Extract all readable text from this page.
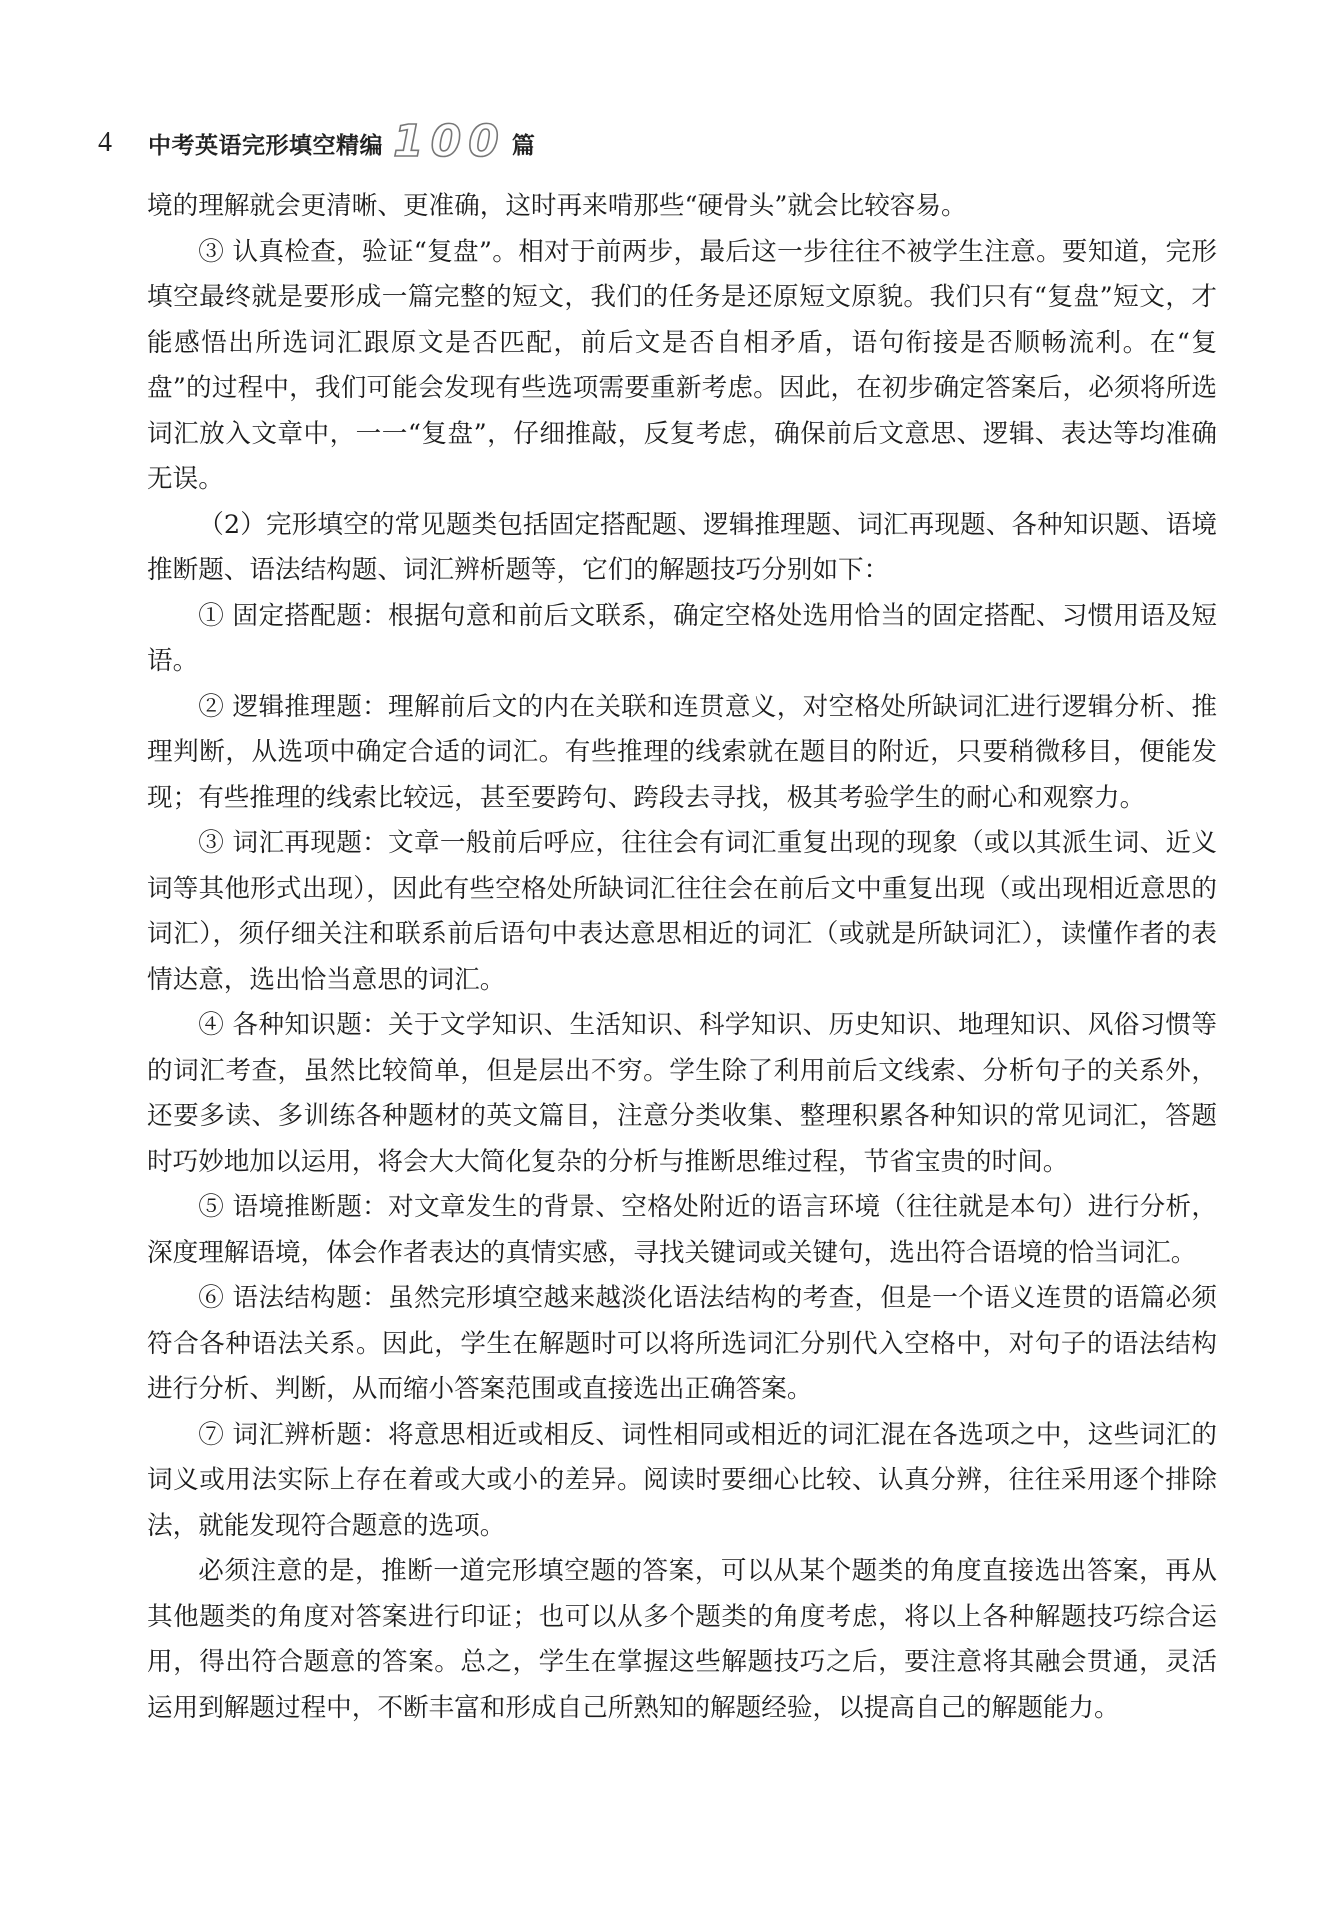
4	中考英语完形填空精编 100 篇

境的理解就会更清晰、更准确，这时再来啃那些“硬骨头”就会比较容易。

③ 认真检查，验证“复盘”。相对于前两步，最后这一步往往不被学生注意。要知道，完形填空最终就是要形成一篇完整的短文，我们的任务是还原短文原貌。我们只有“复盘”短文，才能感悟出所选词汇跟原文是否匹配，前后文是否自相矛盾，语句衔接是否顺畅流利。在“复盘”的过程中，我们可能会发现有些选项需要重新考虑。因此，在初步确定答案后，必须将所选词汇放入文章中，一一“复盘”，仔细推敲，反复考虑，确保前后文意思、逻辑、表达等均准确无误。

（2）完形填空的常见题类包括固定搭配题、逻辑推理题、词汇再现题、各种知识题、语境推断题、语法结构题、词汇辨析题等，它们的解题技巧分别如下：

① 固定搭配题：根据句意和前后文联系，确定空格处选用恰当的固定搭配、习惯用语及短语。

② 逻辑推理题：理解前后文的内在关联和连贯意义，对空格处所缺词汇进行逻辑分析、推理判断，从选项中确定合适的词汇。有些推理的线索就在题目的附近，只要稍微移目，便能发现；有些推理的线索比较远，甚至要跨句、跨段去寻找，极其考验学生的耐心和观察力。

③ 词汇再现题：文章一般前后呼应，往往会有词汇重复出现的现象（或以其派生词、近义词等其他形式出现），因此有些空格处所缺词汇往往会在前后文中重复出现（或出现相近意思的词汇），须仔细关注和联系前后语句中表达意思相近的词汇（或就是所缺词汇），读懂作者的表情达意，选出恰当意思的词汇。

④ 各种知识题：关于文学知识、生活知识、科学知识、历史知识、地理知识、风俗习惯等的词汇考查，虽然比较简单，但是层出不穷。学生除了利用前后文线索、分析句子的关系外，还要多读、多训练各种题材的英文篇目，注意分类收集、整理积累各种知识的常见词汇，答题时巧妙地加以运用，将会大大简化复杂的分析与推断思维过程，节省宝贵的时间。

⑤ 语境推断题：对文章发生的背景、空格处附近的语言环境（往往就是本句）进行分析，深度理解语境，体会作者表达的真情实感，寻找关键词或关键句，选出符合语境的恰当词汇。

⑥ 语法结构题：虽然完形填空越来越淡化语法结构的考查，但是一个语义连贯的语篇必须符合各种语法关系。因此，学生在解题时可以将所选词汇分别代入空格中，对句子的语法结构进行分析、判断，从而缩小答案范围或直接选出正确答案。

⑦ 词汇辨析题：将意思相近或相反、词性相同或相近的词汇混在各选项之中，这些词汇的词义或用法实际上存在着或大或小的差异。阅读时要细心比较、认真分辨，往往采用逐个排除法，就能发现符合题意的选项。

必须注意的是，推断一道完形填空题的答案，可以从某个题类的角度直接选出答案，再从其他题类的角度对答案进行印证；也可以从多个题类的角度考虑，将以上各种解题技巧综合运用，得出符合题意的答案。总之，学生在掌握这些解题技巧之后，要注意将其融会贯通，灵活运用到解题过程中，不断丰富和形成自己所熟知的解题经验，以提高自己的解题能力。
